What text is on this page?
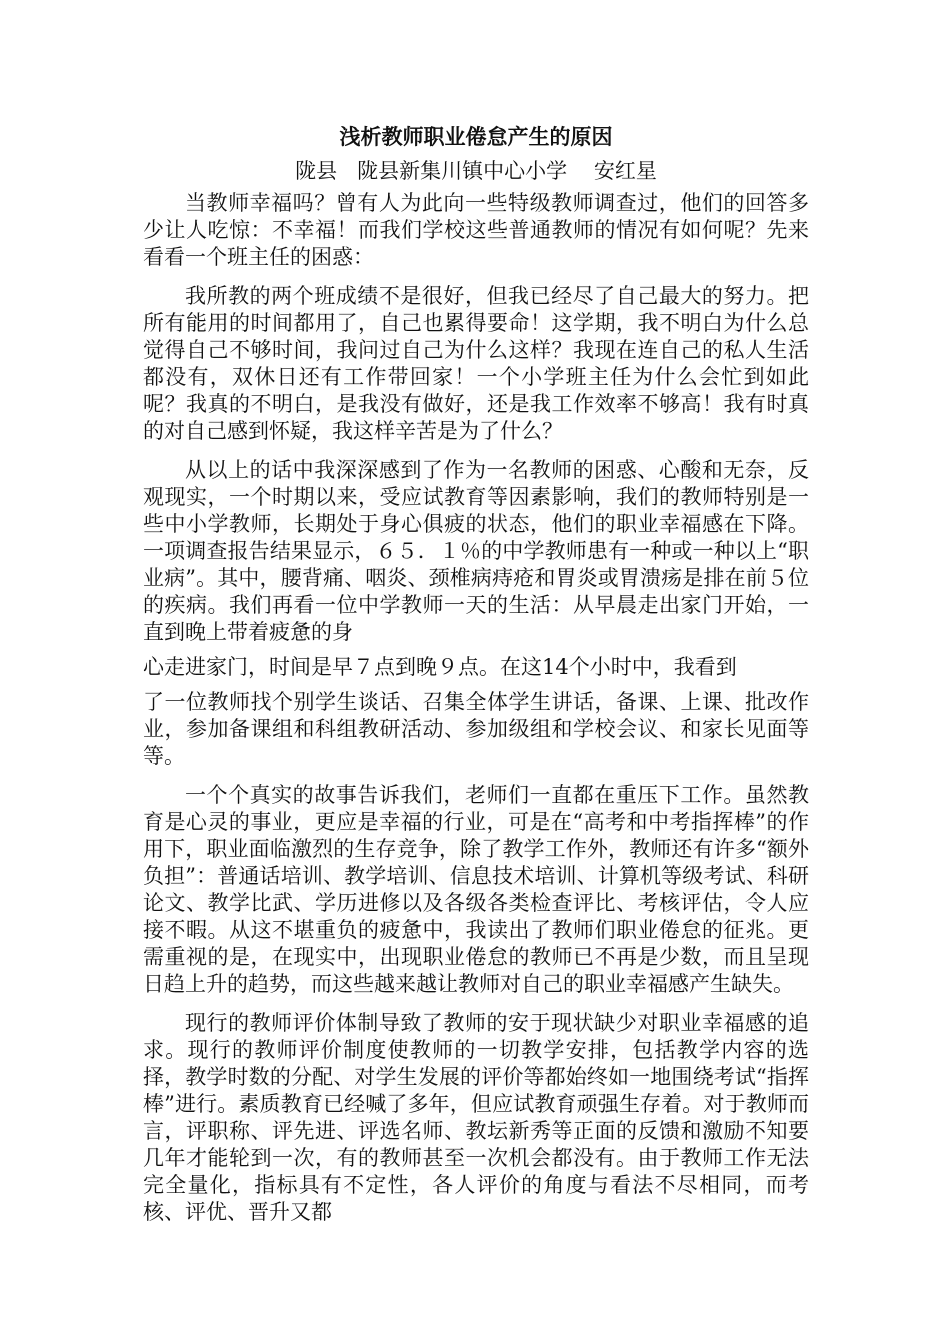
浅析教师职业倦怠产生的原因

陇县   陇县新集川镇中心小学    安红星

当教师幸福吗？曾有人为此向一些特级教师调查过，他们的回答多少让人吃惊：不幸福！而我们学校这些普通教师的情况有如何呢？先来看看一个班主任的困惑：

我所教的两个班成绩不是很好，但我已经尽了自己最大的努力。把所有能用的时间都用了，自己也累得要命！这学期，我不明白为什么总觉得自己不够时间，我问过自己为什么这样？我现在连自己的私人生活都没有，双休日还有工作带回家！一个小学班主任为什么会忙到如此呢？我真的不明白，是我没有做好，还是我工作效率不够高！我有时真的对自己感到怀疑，我这样辛苦是为了什么？

从以上的话中我深深感到了作为一名教师的困惑、心酸和无奈，反观现实，一个时期以来，受应试教育等因素影响，我们的教师特别是一些中小学教师，长期处于身心俱疲的状态，他们的职业幸福感在下降。一项调查报告结果显示，６５．１％的中学教师患有一种或一种以上“职业病”。其中，腰背痛、咽炎、颈椎病痔疮和胃炎或胃溃疡是排在前５位的疾病。我们再看一位中学教师一天的生活：从早晨走出家门开始，一直到晚上带着疲惫的身

心走进家门，时间是早７点到晚９点。在这14个小时中，我看到

了一位教师找个别学生谈话、召集全体学生讲话，备课、上课、批改作业，参加备课组和科组教研活动、参加级组和学校会议、和家长见面等等。

一个个真实的故事告诉我们，老师们一直都在重压下工作。虽然教育是心灵的事业，更应是幸福的行业，可是在“高考和中考指挥棒”的作用下，职业面临激烈的生存竞争，除了教学工作外，教师还有许多“额外负担”：普通话培训、教学培训、信息技术培训、计算机等级考试、科研论文、教学比武、学历进修以及各级各类检查评比、考核评估，令人应接不暇。从这不堪重负的疲惫中，我读出了教师们职业倦怠的征兆。更需重视的是，在现实中，出现职业倦怠的教师已不再是少数，而且呈现日趋上升的趋势，而这些越来越让教师对自己的职业幸福感产生缺失。

现行的教师评价体制导致了教师的安于现状缺少对职业幸福感的追求。现行的教师评价制度使教师的一切教学安排，包括教学内容的选择，教学时数的分配、对学生发展的评价等都始终如一地围绕考试“指挥棒”进行。素质教育已经喊了多年，但应试教育顽强生存着。对于教师而言，评职称、评先进、评选名师、教坛新秀等正面的反馈和激励不知要几年才能轮到一次，有的教师甚至一次机会都没有。由于教师工作无法完全量化，指标具有不定性，各人评价的角度与看法不尽相同，而考核、评优、晋升又都
